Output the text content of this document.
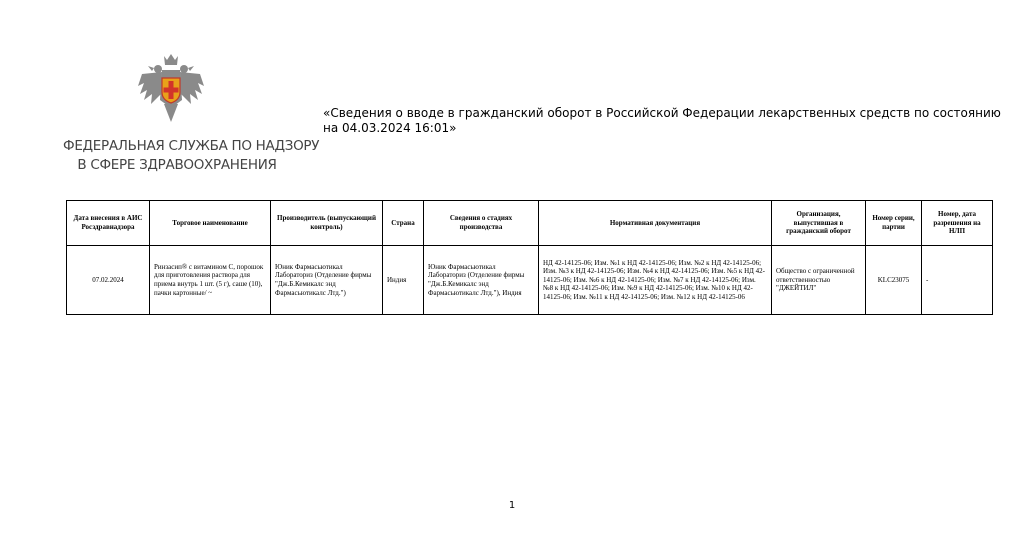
ФЕДЕРАЛЬНАЯ СЛУЖБА ПО НАДЗОРУ
В СФЕРЕ ЗДРАВООХРАНЕНИЯ
«Сведения о вводе в гражданский оборот в Российской Федерации лекарственных средств по состоянию на 04.03.2024 16:01»
Дата внесения в АИС Росздравнадзора	Торговое наименование	Производитель (выпускающий контроль)	Страна	Сведения о стадиях производства	Нормативная документация	Организация, выпустившая в гражданский оборот	Номер серии, партии	Номер, дата разрешения на НЛП
07.02.2024	Ринзасип® с витамином С, порошок для приготовления раствора для приема внутрь 1 шт. (5 г), саше (10), пачки картонные/ ~	Юник Фармасьютикал Лабораториз (Отделение фирмы "Дж.Б.Кемикалс энд Фармасьютикалс Лтд.")	Индия	Юник Фармасьютикал Лабораториз (Отделение фирмы "Дж.Б.Кемикалс энд Фармасьютикалс Лтд."), Индия	НД 42-14125-06; Изм. №1 к НД 42-14125-06; Изм. №2 к НД 42-14125-06; Изм. №3 к НД 42-14125-06; Изм. №4 к НД 42-14125-06; Изм. №5 к НД 42-14125-06; Изм. №6 к НД 42-14125-06; Изм. №7 к НД 42-14125-06; Изм. №8 к НД 42-14125-06; Изм. №9 к НД 42-14125-06; Изм. №10 к НД 42-14125-06; Изм. №11 к НД 42-14125-06; Изм. №12 к НД 42-14125-06	Общество с ограниченной ответственностью "ДЖЕЙТИЛ"	KLC23075	-
1
